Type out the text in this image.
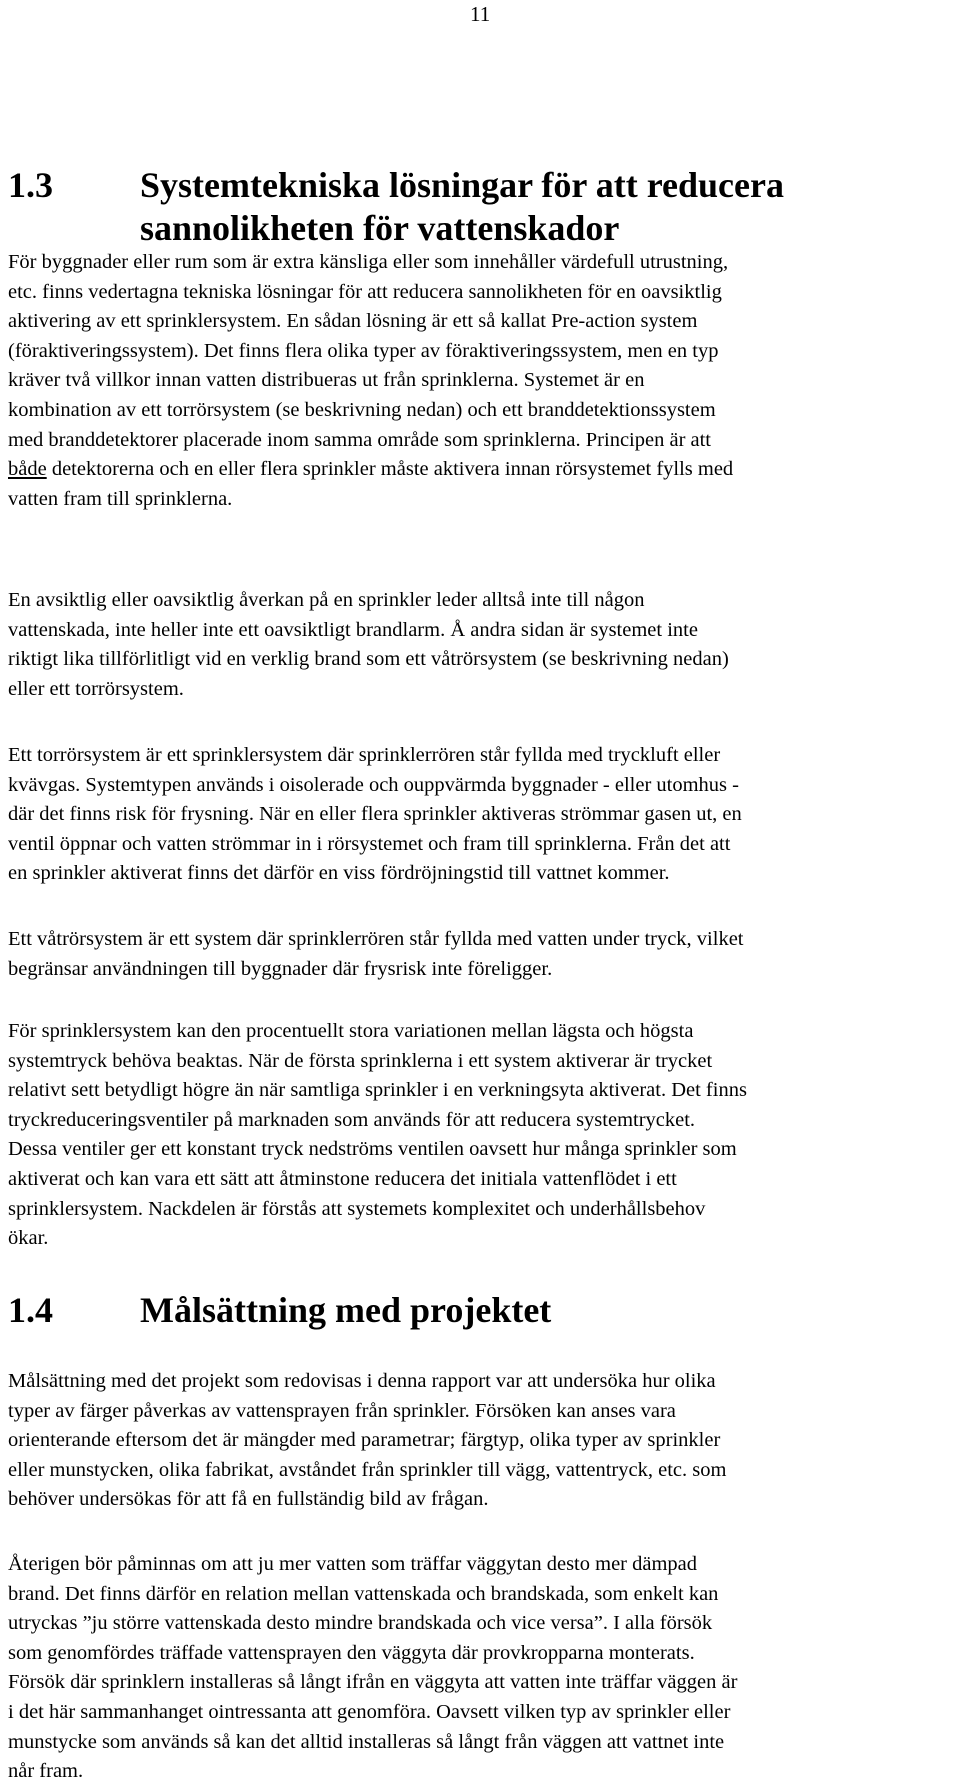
11
1.3 Systemtekniska lösningar för att reducera
sannolikheten för vattenskador
För byggnader eller rum som är extra känsliga eller som innehåller värdefull utrustning,
etc. finns vedertagna tekniska lösningar för att reducera sannolikheten för en oavsiktlig
aktivering av ett sprinklersystem. En sådan lösning är ett så kallat Pre-action system
(föraktiveringssystem). Det finns flera olika typer av föraktiveringssystem, men en typ
kräver två villkor innan vatten distribueras ut från sprinklerna. Systemet är en
kombination av ett torrörsystem (se beskrivning nedan) och ett branddetektionssystem
med branddetektorer placerade inom samma område som sprinklerna. Principen är att
både detektorerna och en eller flera sprinkler måste aktivera innan rörsystemet fylls med
vatten fram till sprinklerna.
En avsiktlig eller oavsiktlig åverkan på en sprinkler leder alltså inte till någon
vattenskada, inte heller inte ett oavsiktligt brandlarm. Å andra sidan är systemet inte
riktigt lika tillförlitligt vid en verklig brand som ett våtrörsystem (se beskrivning nedan)
eller ett torrörsystem.
Ett torrörsystem är ett sprinklersystem där sprinklerrören står fyllda med tryckluft eller
kvävgas. Systemtypen används i oisolerade och ouppvärmda byggnader - eller utomhus -
där det finns risk för frysning. När en eller flera sprinkler aktiveras strömmar gasen ut, en
ventil öppnar och vatten strömmar in i rörsystemet och fram till sprinklerna. Från det att
en sprinkler aktiverat finns det därför en viss fördröjningstid till vattnet kommer.
Ett våtrörsystem är ett system där sprinklerrören står fyllda med vatten under tryck, vilket
begränsar användningen till byggnader där frysrisk inte föreligger.
För sprinklersystem kan den procentuellt stora variationen mellan lägsta och högsta
systemtryck behöva beaktas. När de första sprinklerna i ett system aktiverar är trycket
relativt sett betydligt högre än när samtliga sprinkler i en verkningsyta aktiverat. Det finns
tryckreduceringsventiler på marknaden som används för att reducera systemtrycket.
Dessa ventiler ger ett konstant tryck nedströms ventilen oavsett hur många sprinkler som
aktiverat och kan vara ett sätt att åtminstone reducera det initiala vattenflödet i ett
sprinklersystem. Nackdelen är förstås att systemets komplexitet och underhållsbehov
ökar.
1.4 Målsättning med projektet
Målsättning med det projekt som redovisas i denna rapport var att undersöka hur olika
typer av färger påverkas av vattensprayen från sprinkler. Försöken kan anses vara
orienterande eftersom det är mängder med parametrar; färgtyp, olika typer av sprinkler
eller munstycken, olika fabrikat, avståndet från sprinkler till vägg, vattentryck, etc. som
behöver undersökas för att få en fullständig bild av frågan.
Återigen bör påminnas om att ju mer vatten som träffar väggytan desto mer dämpad
brand. Det finns därför en relation mellan vattenskada och brandskada, som enkelt kan
utryckas ”ju större vattenskada desto mindre brandskada och vice versa”. I alla försök
som genomfördes träffade vattensprayen den väggyta där provkropparna monterats.
Försök där sprinklern installeras så långt ifrån en väggyta att vatten inte träffar väggen är
i det här sammanhanget ointressanta att genomföra. Oavsett vilken typ av sprinkler eller
munstycke som används så kan det alltid installeras så långt från väggen att vattnet inte
når fram.
